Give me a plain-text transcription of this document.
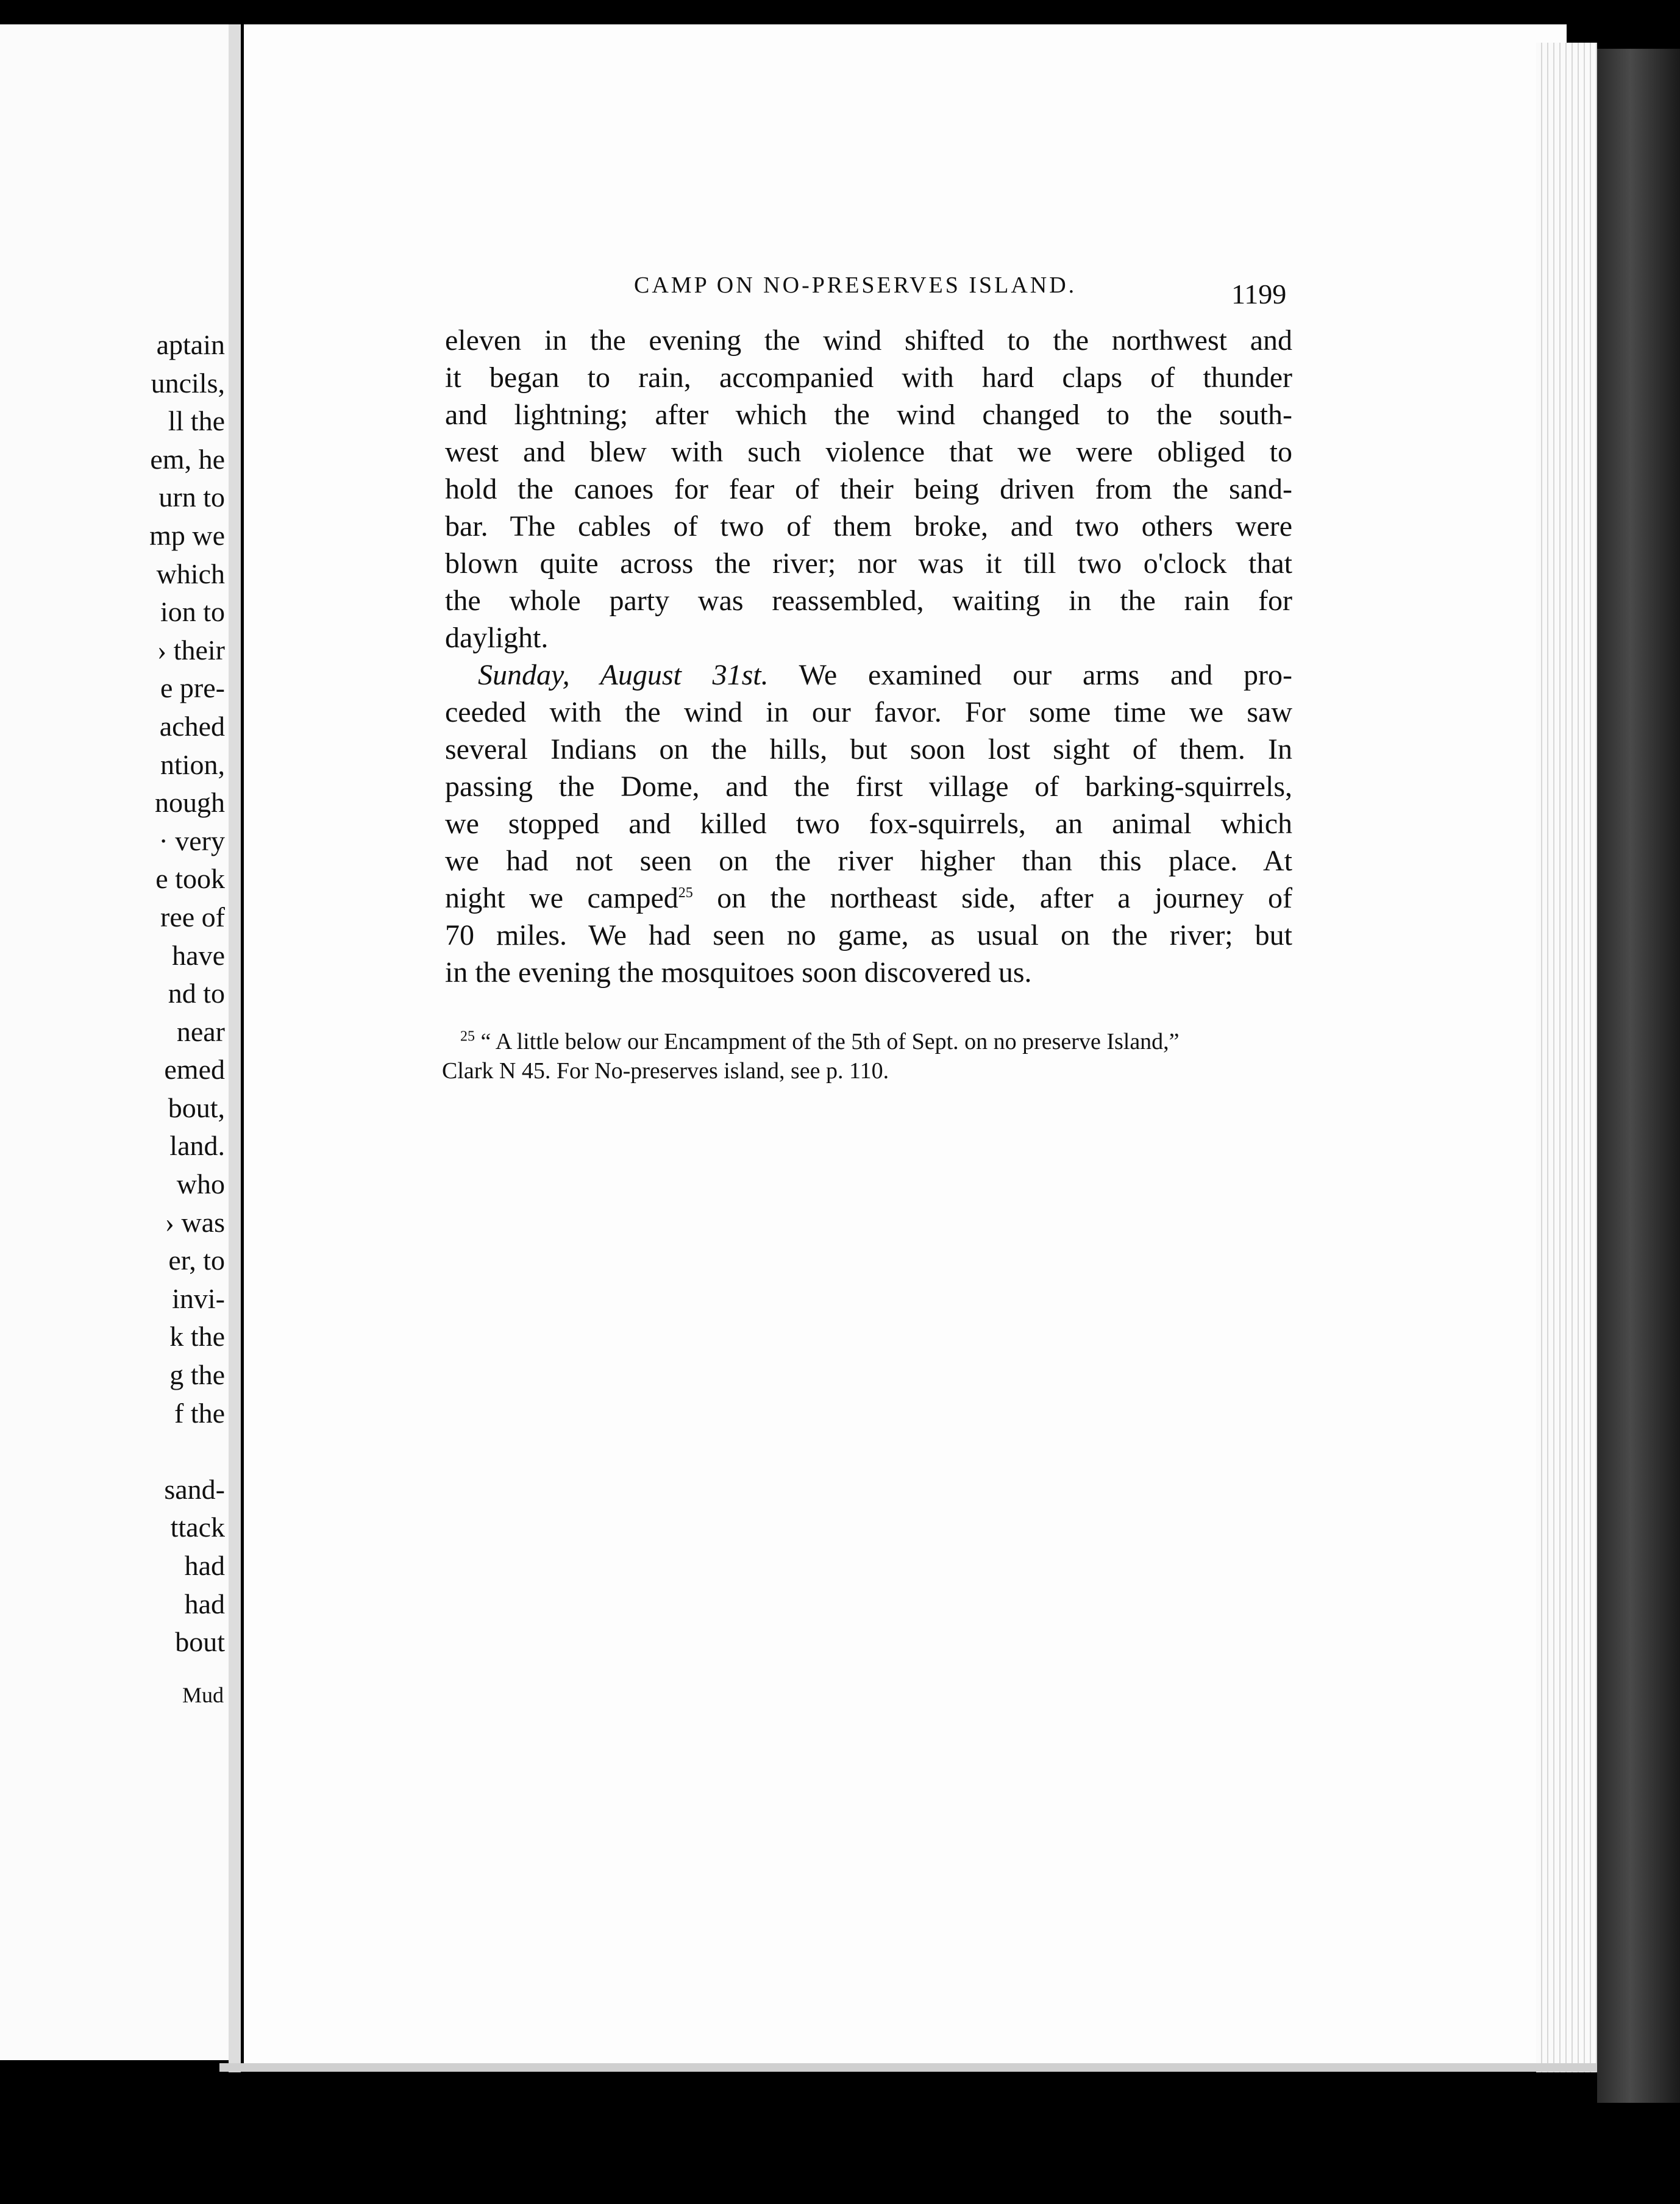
aptain
uncils,
ll the
em, he
urn to
mp we
which
ion to
› their
e pre-
ached
ntion,
nough
· very
e took
ree of
have
nd to
near
emed
bout,
land.
who
› was
er, to
invi-
k the
g the
f the

sand-
ttack
had
had
bout
Mud
CAMP ON NO-PRESERVES ISLAND.	1199
eleven in the evening the wind shifted to the northwest and
it began to rain, accompanied with hard claps of thunder
and lightning; after which the wind changed to the south-
west and blew with such violence that we were obliged to
hold the canoes for fear of their being driven from the sand-
bar. The cables of two of them broke, and two others were
blown quite across the river; nor was it till two o'clock that
the whole party was reassembled, waiting in the rain for
daylight.
Sunday, August 31st. We examined our arms and pro-
ceeded with the wind in our favor. For some time we saw
several Indians on the hills, but soon lost sight of them. In
passing the Dome, and the first village of barking-squirrels,
we stopped and killed two fox-squirrels, an animal which
we had not seen on the river higher than this place. At
night we camped$^{25}$ on the northeast side, after a journey of
70 miles. We had seen no game, as usual on the river; but
in the evening the mosquitoes soon discovered us.
$^{25}$ “ A little below our Encampment of the 5th of Sept. on no preserve Island,”
Clark N 45. For No-preserves island, see p. 110.
